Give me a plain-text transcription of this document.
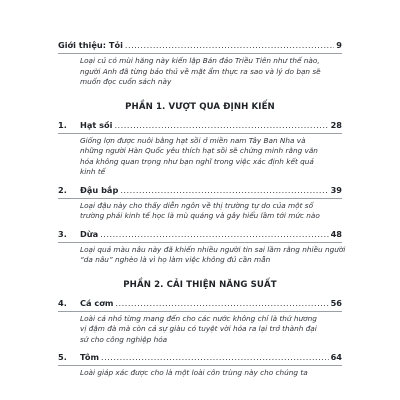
Giới thiệu: Tỏi .....	9
Loại củ có mùi hăng này kiến lập Bán đảo Triều Tiên như thế nào,
người Anh đã từng bảo thủ về mặt ẩm thực ra sao và lý do bạn sẽ
muốn đọc cuốn sách này
PHẦN 1. VƯỢT QUA ĐỊNH KIẾN
1.	Hạt sồi .....	28
Giống lợn được nuôi bằng hạt sồi ở miền nam Tây Ban Nha và
những người Hàn Quốc yêu thích hạt sồi sẽ chứng minh rằng văn
hóa không quan trọng như bạn nghĩ trong việc xác định kết quả
kinh tế
2.	Đậu bắp .....	39
Loại đậu này cho thấy diễn ngôn về thị trường tự do của một số
trường phái kinh tế học là mù quáng và gây hiểu lầm tới mức nào
3.	Dừa .....	48
Loại quả màu nâu này đã khiến nhiều người tin sai lầm rằng nhiều người
“da nâu” nghèo là vì họ làm việc không đủ cần mẫn
PHẦN 2. CẢI THIỆN NĂNG SUẤT
4.	Cá cơm .....	56
Loài cá nhỏ từng mang đến cho các nước không chỉ là thứ hương
vị đậm đà mà còn cả sự giàu có tuyệt vời hóa ra lại trở thành đại
sứ cho công nghiệp hóa
5.	Tôm .....	64
Loài giáp xác được cho là một loài côn trùng này cho chúng ta
